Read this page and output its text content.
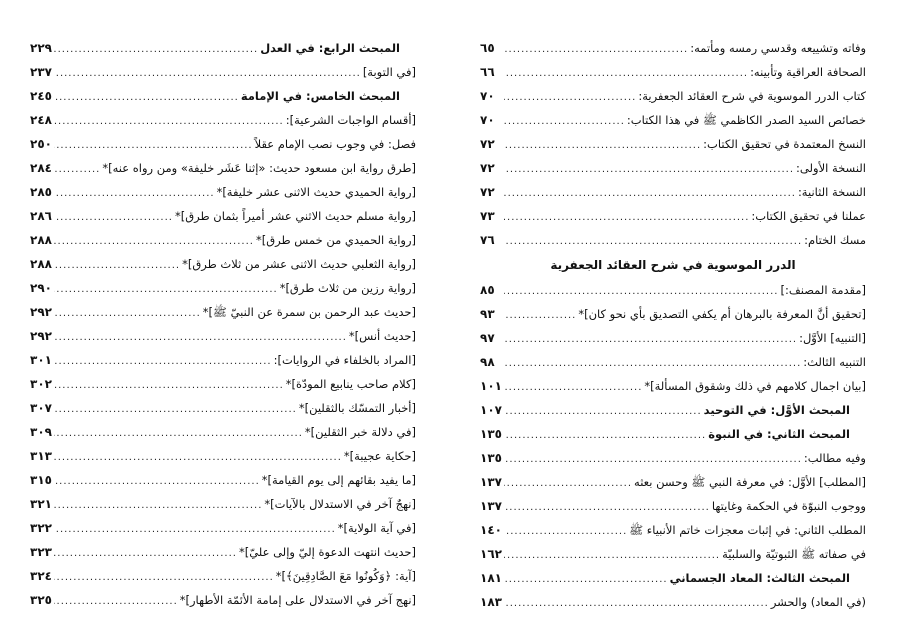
وفاته وتشييعه وقدسي رمسه ومأتمه:
.....
٦٥
الصحافة العراقية وتأبينه:
.....
٦٦
كتاب الدرر الموسوية في شرح العقائد الجعفرية:
.....
٧٠
خصائص السيد الصدر الكاظمي ﷺ في هذا الكتاب:
.....
٧٠
النسخ المعتمدة في تحقيق الكتاب:
.....
٧٢
النسخة الأولى:
.....
٧٢
النسخة الثانية:
.....
٧٢
عملنا في تحقيق الكتاب:
.....
٧٣
مسك الختام:
.....
٧٦
الدرر الموسوية في شرح العقائد الجعفرية
[مقدمة المصنف:]
.....
٨٥
[تحقيق أنَّ المعرفة بالبرهان أم يكفي التصديق بأي نحو كان]*
.....
٩٣
[التنبيه] الأوَّل:
.....
٩٧
التنبيه الثالث:
.....
٩٨
[بيان اجمال كلامهم في ذلك وشقوق المسألة]*
.....
١٠١
المبحث الأوَّل: في التوحيد
.....
١٠٧
المبحث الثاني: في النبوة
.....
١٣٥
وفيه مطالب:
.....
١٣٥
[المطلب] الأوَّل: في معرفة النبي ﷺ وحسن بعثه
.....
١٣٧
ووجوب النبوّة في الحكمة وغايتها
.....
١٣٧
المطلب الثاني: في إثبات معجزات خاتم الأنبياء ﷺ
.....
١٤٠
في صفاته ﷺ الثبوتيّة والسلبيّة
.....
١٦٢
المبحث الثالث: المعاد الجسماني
.....
١٨١
(في المعاد) والحشر
.....
١٨٣
المبحث الرابع: في العدل
.....
٢٢٩
[في التوبة]
.....
٢٣٧
المبحث الخامس: في الإمامة
.....
٢٤٥
[أقسام الواجبات الشرعية]:
.....
٢٤٨
فصل: في وجوب نصب الإمام عقلاً
.....
٢٥٠
[طرق رواية ابن مسعود حديث: «إثنا عَشَر خليفة» ومن رواه عنه]*
.....
٢٨٤
[رواية الحميدي حديث الاثنى عشر خليفة]*
.....
٢٨٥
[رواية مسلم حديث الاثني عشر أميراً بثمان طرق]*
.....
٢٨٦
[رواية الحميدي من خمس طرق]*
.....
٢٨٨
[رواية الثعلبي حديث الاثنى عشر من ثلاث طرق]*
.....
٢٨٨
[رواية رزين من ثلاث طرق]*
.....
٢٩٠
[حديث عبد الرحمن بن سمرة عن النبيّ ﷺ]*
.....
٢٩٢
[حديث أنس]*
.....
٢٩٢
[المراد بالخلفاء في الروايات]:
.....
٣٠١
[كلام صاحب ينابيع المودّة]*
.....
٣٠٢
[أخبار التمسّك بالثقلين]*
.....
٣٠٧
[في دلالة خبر الثقلين]*
.....
٣٠٩
[حكاية عجيبة]*
.....
٣١٣
[ما يفيد بقائهم إلى يوم القيامة]*
.....
٣١٥
[نهجٌ آخر في الاستدلال بالآيات]*
.....
٣٢١
[في آية الولاية]*
.....
٣٢٢
[حديث انتهت الدعوة إليّ وإلى عليّ]*
.....
٣٢٣
[آية: ﴿وَكُونُوا مَعَ الصَّادِقِينَ﴾]*
.....
٣٢٤
[نهج آخر في الاستدلال على إمامة الأئمّة الأطهار]*
.....
٣٢٥
